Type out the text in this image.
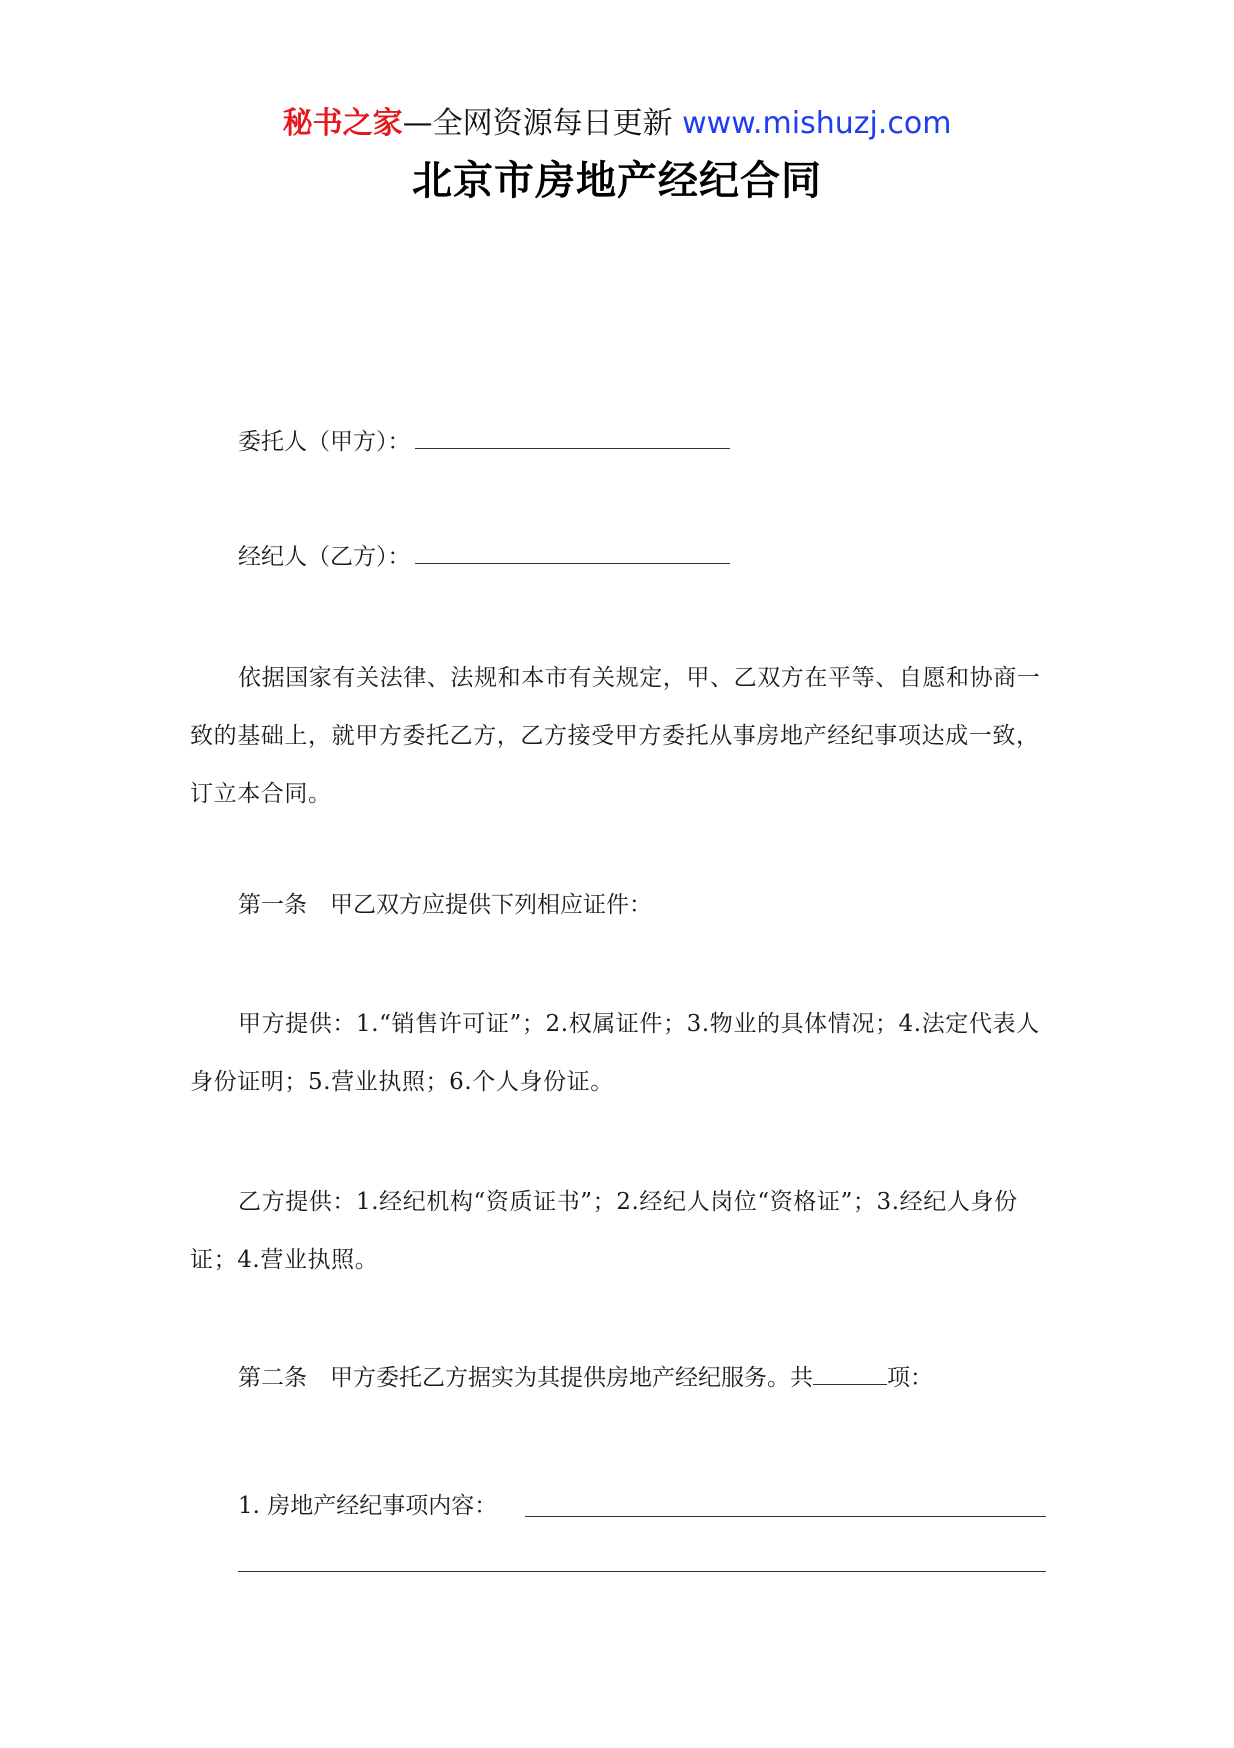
秘书之家—全网资源每日更新 www.mishuzj.com
北京市房地产经纪合同
委托人（甲方）：
经纪人（乙方）：
依据国家有关法律、法规和本市有关规定，甲、乙双方在平等、自愿和协商一致的基础上，就甲方委托乙方，乙方接受甲方委托从事房地产经纪事项达成一致，订立本合同。
第一条　甲乙双方应提供下列相应证件：
甲方提供：1.“销售许可证”；2.权属证件；3.物业的具体情况；4.法定代表人身份证明；5.营业执照；6.个人身份证。
乙方提供：1.经纪机构“资质证书”；2.经纪人岗位“资格证”；3.经纪人身份证；4.营业执照。
第二条　甲方委托乙方据实为其提供房地产经纪服务。共	项：
1. 房地产经纪事项内容：
